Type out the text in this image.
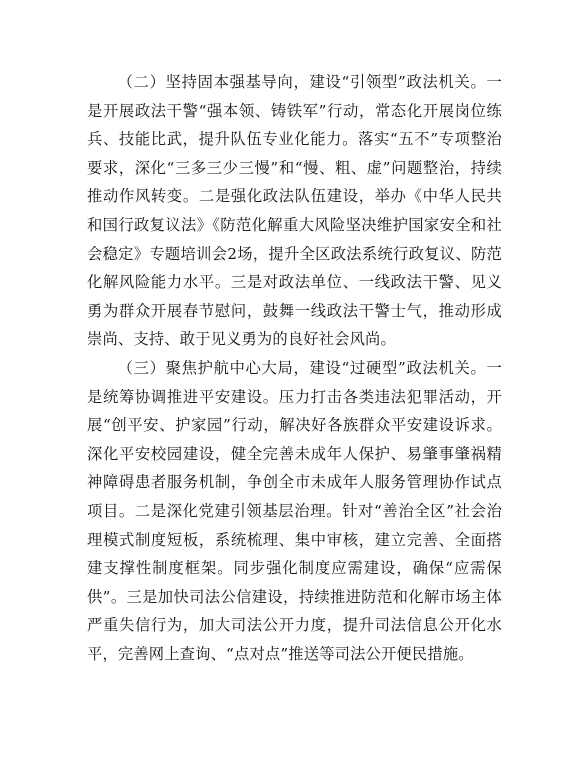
（二）坚持固本强基导向，建设“引领型”政法机关。一是开展政法干警“强本领、铸铁军”行动，常态化开展岗位练兵、技能比武，提升队伍专业化能力。落实“五不”专项整治要求，深化“三多三少三慢”和“慢、粗、虚”问题整治，持续推动作风转变。二是强化政法队伍建设，举办《中华人民共和国行政复议法》《防范化解重大风险坚决维护国家安全和社会稳定》专题培训会2场，提升全区政法系统行政复议、防范化解风险能力水平。三是对政法单位、一线政法干警、见义勇为群众开展春节慰问，鼓舞一线政法干警士气，推动形成崇尚、支持、敢于见义勇为的良好社会风尚。

（三）聚焦护航中心大局，建设“过硬型”政法机关。一是统筹协调推进平安建设。压力打击各类违法犯罪活动，开展“创平安、护家园”行动，解决好各族群众平安建设诉求。深化平安校园建设，健全完善未成年人保护、易肇事肇祸精神障碍患者服务机制，争创全市未成年人服务管理协作试点项目。二是深化党建引领基层治理。针对“善治全区”社会治理模式制度短板，系统梳理、集中审核，建立完善、全面搭建支撑性制度框架。同步强化制度应需建设，确保“应需保供”。三是加快司法公信建设，持续推进防范和化解市场主体严重失信行为，加大司法公开力度，提升司法信息公开化水平，完善网上查询、“点对点”推送等司法公开便民措施。
